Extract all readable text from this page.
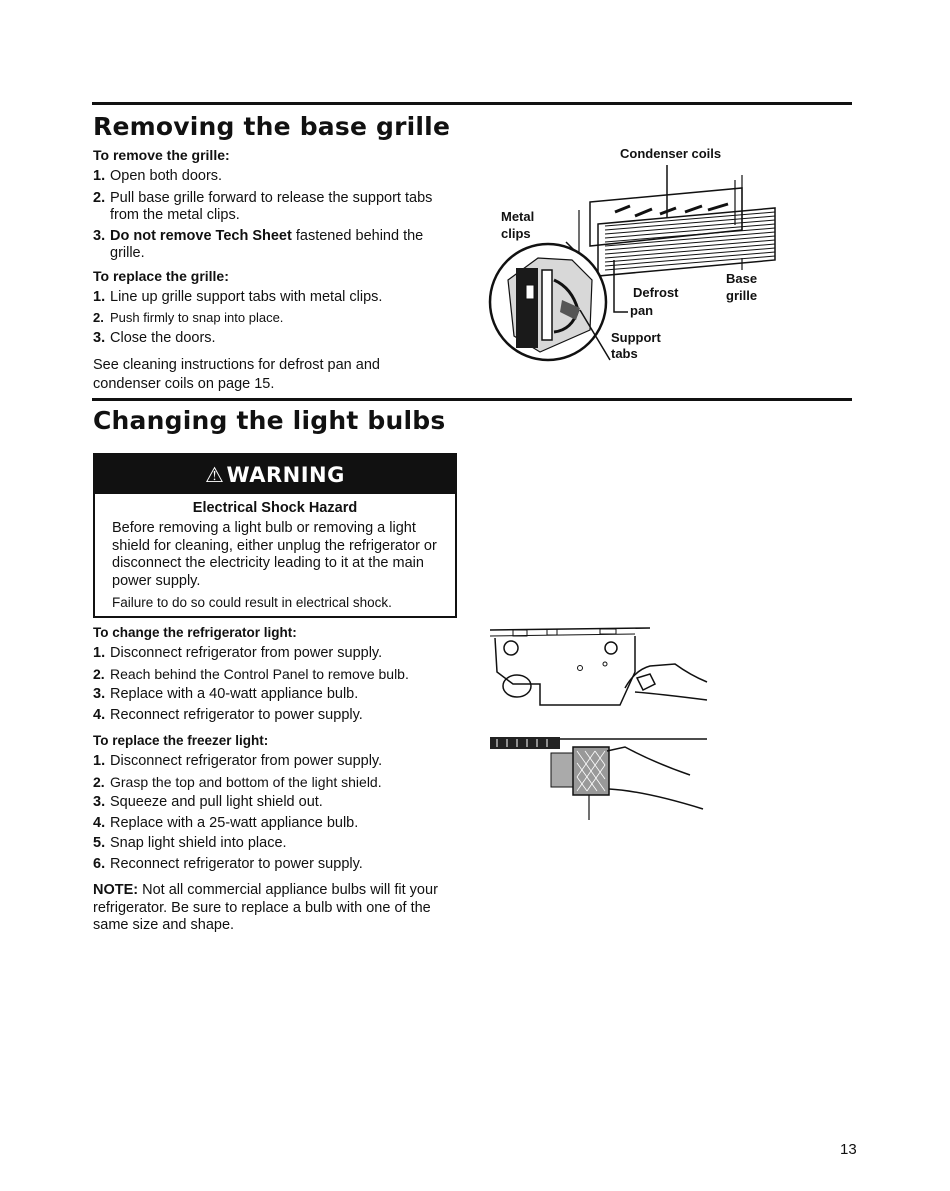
Removing the base grille

To remove the grille:

1. Open both doors.
2. Pull base grille forward to release the support tabs from the metal clips.
3. Do not remove Tech Sheet fastened behind the grille.

To replace the grille:

1. Line up grille support tabs with metal clips.
2. Push firmly to snap into place.
3. Close the doors.

See cleaning instructions for defrost pan and condenser coils on page 15.

Condenser coils

Metal

clips

Base

grille

Defrost

pan

Support

tabs

Changing the light bulbs
⚠ WARNING

Electrical Shock Hazard

Before removing a light bulb or removing a light shield for cleaning, either unplug the refrigerator or disconnect the electricity leading to it at the main power supply.

Failure to do so could result in electrical shock.

To change the refrigerator light:

1. Disconnect refrigerator from power supply.
2. Reach behind the Control Panel to remove bulb.
3. Replace with a 40-watt appliance bulb.
4. Reconnect refrigerator to power supply.

To replace the freezer light:

1. Disconnect refrigerator from power supply.
2. Grasp the top and bottom of the light shield.
3. Squeeze and pull light shield out.
4. Replace with a 25-watt appliance bulb.
5. Snap light shield into place.
6. Reconnect refrigerator to power supply.

NOTE: Not all commercial appliance bulbs will fit your refrigerator. Be sure to replace a bulb with one of the same size and shape.

13
